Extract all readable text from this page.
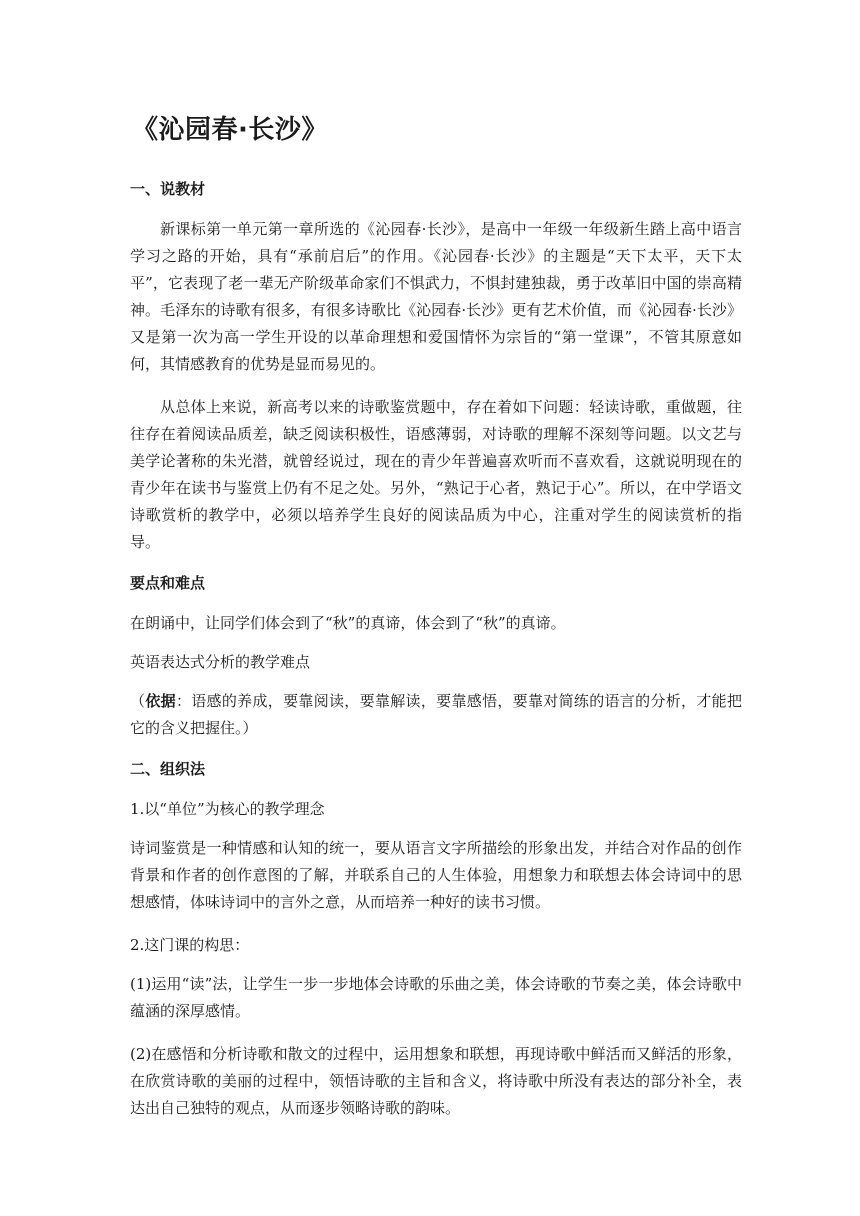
《沁园春·长沙》
一、说教材

新课标第一单元第一章所选的《沁园春·长沙》，是高中一年级一年级新生踏上高中语言学习之路的开始，具有“承前启后”的作用。《沁园春·长沙》的主题是“天下太平，天下太平”，它表现了老一辈无产阶级革命家们不惧武力，不惧封建独裁，勇于改革旧中国的崇高精神。毛泽东的诗歌有很多，有很多诗歌比《沁园春·长沙》更有艺术价值，而《沁园春·长沙》又是第一次为高一学生开设的以革命理想和爱国情怀为宗旨的“第一堂课”，不管其原意如何，其情感教育的优势是显而易见的。

从总体上来说，新高考以来的诗歌鉴赏题中，存在着如下问题：轻读诗歌，重做题，往往存在着阅读品质差，缺乏阅读积极性，语感薄弱，对诗歌的理解不深刻等问题。以文艺与美学论著称的朱光潜，就曾经说过，现在的青少年普遍喜欢听而不喜欢看，这就说明现在的青少年在读书与鉴赏上仍有不足之处。另外，“熟记于心者，熟记于心”。所以，在中学语文诗歌赏析的教学中，必须以培养学生良好的阅读品质为中心，注重对学生的阅读赏析的指导。

要点和难点

在朗诵中，让同学们体会到了“秋”的真谛，体会到了“秋”的真谛。

英语表达式分析的教学难点

（依据：语感的养成，要靠阅读，要靠解读，要靠感悟，要靠对简练的语言的分析，才能把它的含义把握住。）

二、组织法

1.以“单位”为核心的教学理念

诗词鉴赏是一种情感和认知的统一，要从语言文字所描绘的形象出发，并结合对作品的创作背景和作者的创作意图的了解，并联系自己的人生体验，用想象力和联想去体会诗词中的思想感情，体味诗词中的言外之意，从而培养一种好的读书习惯。

2.这门课的构思：

(1)运用“读”法，让学生一步一步地体会诗歌的乐曲之美，体会诗歌的节奏之美，体会诗歌中蕴涵的深厚感情。

(2)在感悟和分析诗歌和散文的过程中，运用想象和联想，再现诗歌中鲜活而又鲜活的形象，在欣赏诗歌的美丽的过程中，领悟诗歌的主旨和含义，将诗歌中所没有表达的部分补全，表达出自己独特的观点，从而逐步领略诗歌的韵味。
